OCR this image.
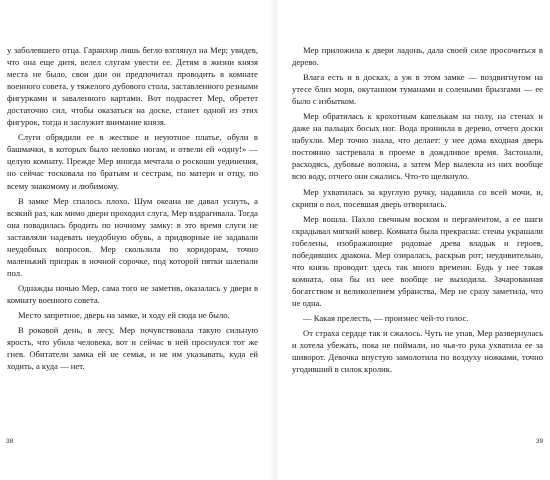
у заболевшего отца. Гаранхир лишь бегло взглянул на Мер; увидев, что она еще дитя, велел слугам увести ее. Детям в жизни князя места не было, свои дни он предпочитал проводить в комнате военного совета, у тяжелого дубового стола, заставленного резными фигурками и заваленного картами. Вот подрастет Мер, обретет достаточно сил, чтобы оказаться на доске, станет одной из этих фигурок, тогда и заслужит внимание князя.

Слуги обрядили ее в жесткое и неуютное платье, обули в башмачки, в которых было неловко ногам, и отвели ей «одну!» — целую комнату. Прежде Мер иногда мечтала о роскоши уединения, но сейчас тосковала по братьям и сестрам, по матери и отцу, по всему знакомому и любимому.

В замке Мер спалось плохо. Шум океана не давал уснуть, а всякий раз, как мимо двери проходил слуга, Мер вздрагивала. Тогда она повадилась бродить по ночному замку: в это время слуги не заставляли надевать неудобную обувь, а придворные не задавали неудобных вопросов. Мер скользила по коридорам, точно маленький призрак в ночной сорочке, под которой пятки шлепали пол.

Однажды ночью Мер, сама того не заметив, оказалась у двери в комнату военного совета.

Место запретное, дверь на замке, и ходу ей сюда не было.

В роковой день, в лесу, Мер почувствовала такую сильную ярость, что убила человека, вот и сейчас в ней проснулся тот же гнев. Обитатели замка ей не семья, и не им указывать, куда ей ходить, а куда — нет.

38

Мер приложила к двери ладонь, дала своей силе просочиться в дерево.

Влага есть и в досках, а уж в этом замке — воздвигнутом на утесе близ моря, окутанном туманами и солеными брызгами — ее было с избытком.

Мер обратилась к крохотным капелькам на полу, на стенах и даже на пальцах босых ног. Вода проникла в дерево, отчего доски набухли. Мер точно знала, что делает: у нее дома входная дверь постоянно застревала в проеме в дождливое время. Застонали, расходясь, дубовые волокна, а затем Мер вылекла из них вообще всю воду, отчего они сжались. Что-то щелкнуло.

Мер ухватилась за круглую ручку, надавила со всей мочи, и, скрипя о пол, посевшая дверь отворилась.

Мер вошла. Пахло свечным воском и пергаментом, а ее шаги скрадывал мягкий ковер. Комната была прекрасна: стены украшали гобелены, изображающие родовые древа владык и героев, победивших дракона. Мер озиралась, раскрыв рот; неудивительно, что князь проводит здесь так много времени. Будь у нее такая комната, она бы из нее вообще не выходила. Зачарованная богатством и великолепием убранства, Мер не сразу заметила, что не одна.

— Какая прелесть, — произнес чей-то голос.

От страха сердце так и сжалось. Чуть не упав, Мер развернулась и хотела убежать, пока не поймали, но чья-то рука ухватила ее за шиворот. Девочка впустую замолотила по воздуху ножками, точно угодивший в силок кролик.

39
